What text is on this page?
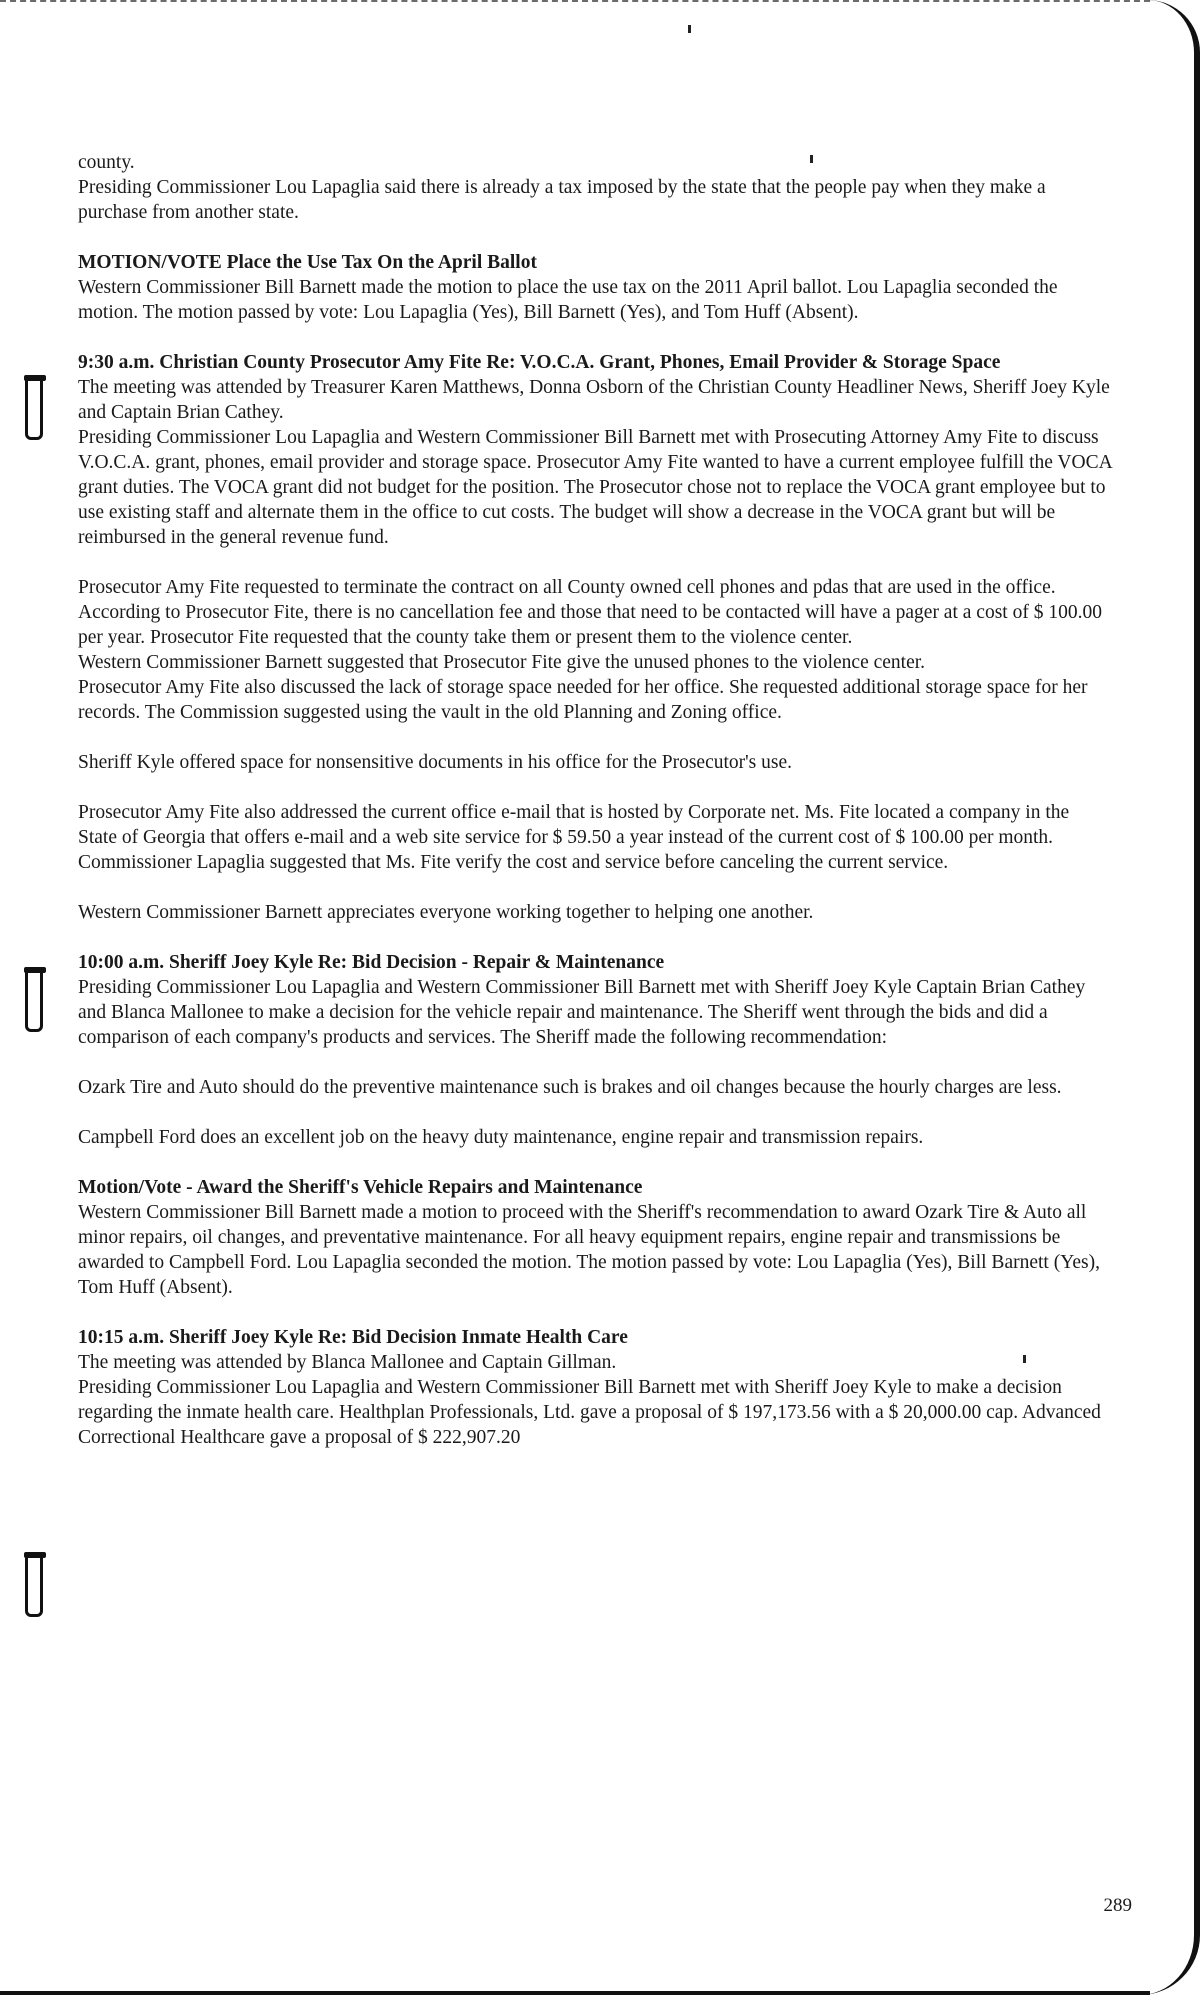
county.

Presiding Commissioner Lou Lapaglia said there is already a tax imposed by the state that the people pay when they make a purchase from another state.

MOTION/VOTE Place the Use Tax On the April Ballot

Western Commissioner Bill Barnett made the motion to place the use tax on the 2011 April ballot. Lou Lapaglia seconded the motion. The motion passed by vote: Lou Lapaglia (Yes), Bill Barnett (Yes), and Tom Huff (Absent).

9:30 a.m. Christian County Prosecutor Amy Fite Re: V.O.C.A. Grant, Phones, Email Provider & Storage Space

The meeting was attended by Treasurer Karen Matthews, Donna Osborn of the Christian County Headliner News, Sheriff Joey Kyle and Captain Brian Cathey.

Presiding Commissioner Lou Lapaglia and Western Commissioner Bill Barnett met with Prosecuting Attorney Amy Fite to discuss V.O.C.A. grant, phones, email provider and storage space. Prosecutor Amy Fite wanted to have a current employee fulfill the VOCA grant duties. The VOCA grant did not budget for the position. The Prosecutor chose not to replace the VOCA grant employee but to use existing staff and alternate them in the office to cut costs. The budget will show a decrease in the VOCA grant but will be reimbursed in the general revenue fund.

Prosecutor Amy Fite requested to terminate the contract on all County owned cell phones and pdas that are used in the office. According to Prosecutor Fite, there is no cancellation fee and those that need to be contacted will have a pager at a cost of $ 100.00 per year. Prosecutor Fite requested that the county take them or present them to the violence center.

Western Commissioner Barnett suggested that Prosecutor Fite give the unused phones to the violence center.

Prosecutor Amy Fite also discussed the lack of storage space needed for her office. She requested additional storage space for her records. The Commission suggested using the vault in the old Planning and Zoning office.

Sheriff Kyle offered space for nonsensitive documents in his office for the Prosecutor's use.

Prosecutor Amy Fite also addressed the current office e-mail that is hosted by Corporate net. Ms. Fite located a company in the State of Georgia that offers e-mail and a web site service for $ 59.50 a year instead of the current cost of $ 100.00 per month.

Commissioner Lapaglia suggested that Ms. Fite verify the cost and service before canceling the current service.

Western Commissioner Barnett appreciates everyone working together to helping one another.

10:00 a.m. Sheriff Joey Kyle Re: Bid Decision - Repair & Maintenance

Presiding Commissioner Lou Lapaglia and Western Commissioner Bill Barnett met with Sheriff Joey Kyle Captain Brian Cathey and Blanca Mallonee to make a decision for the vehicle repair and maintenance. The Sheriff went through the bids and did a comparison of each company's products and services. The Sheriff made the following recommendation:

Ozark Tire and Auto should do the preventive maintenance such is brakes and oil changes because the hourly charges are less.

Campbell Ford does an excellent job on the heavy duty maintenance, engine repair and transmission repairs.

Motion/Vote - Award the Sheriff's Vehicle Repairs and Maintenance

Western Commissioner Bill Barnett made a motion to proceed with the Sheriff's recommendation to award Ozark Tire & Auto all minor repairs, oil changes, and preventative maintenance. For all heavy equipment repairs, engine repair and transmissions be awarded to Campbell Ford. Lou Lapaglia seconded the motion. The motion passed by vote: Lou Lapaglia (Yes), Bill Barnett (Yes), Tom Huff (Absent).

10:15 a.m. Sheriff Joey Kyle Re: Bid Decision Inmate Health Care

The meeting was attended by Blanca Mallonee and Captain Gillman.

Presiding Commissioner Lou Lapaglia and Western Commissioner Bill Barnett met with Sheriff Joey Kyle to make a decision regarding the inmate health care. Healthplan Professionals, Ltd. gave a proposal of $ 197,173.56 with a $ 20,000.00 cap. Advanced Correctional Healthcare gave a proposal of $ 222,907.20

289
